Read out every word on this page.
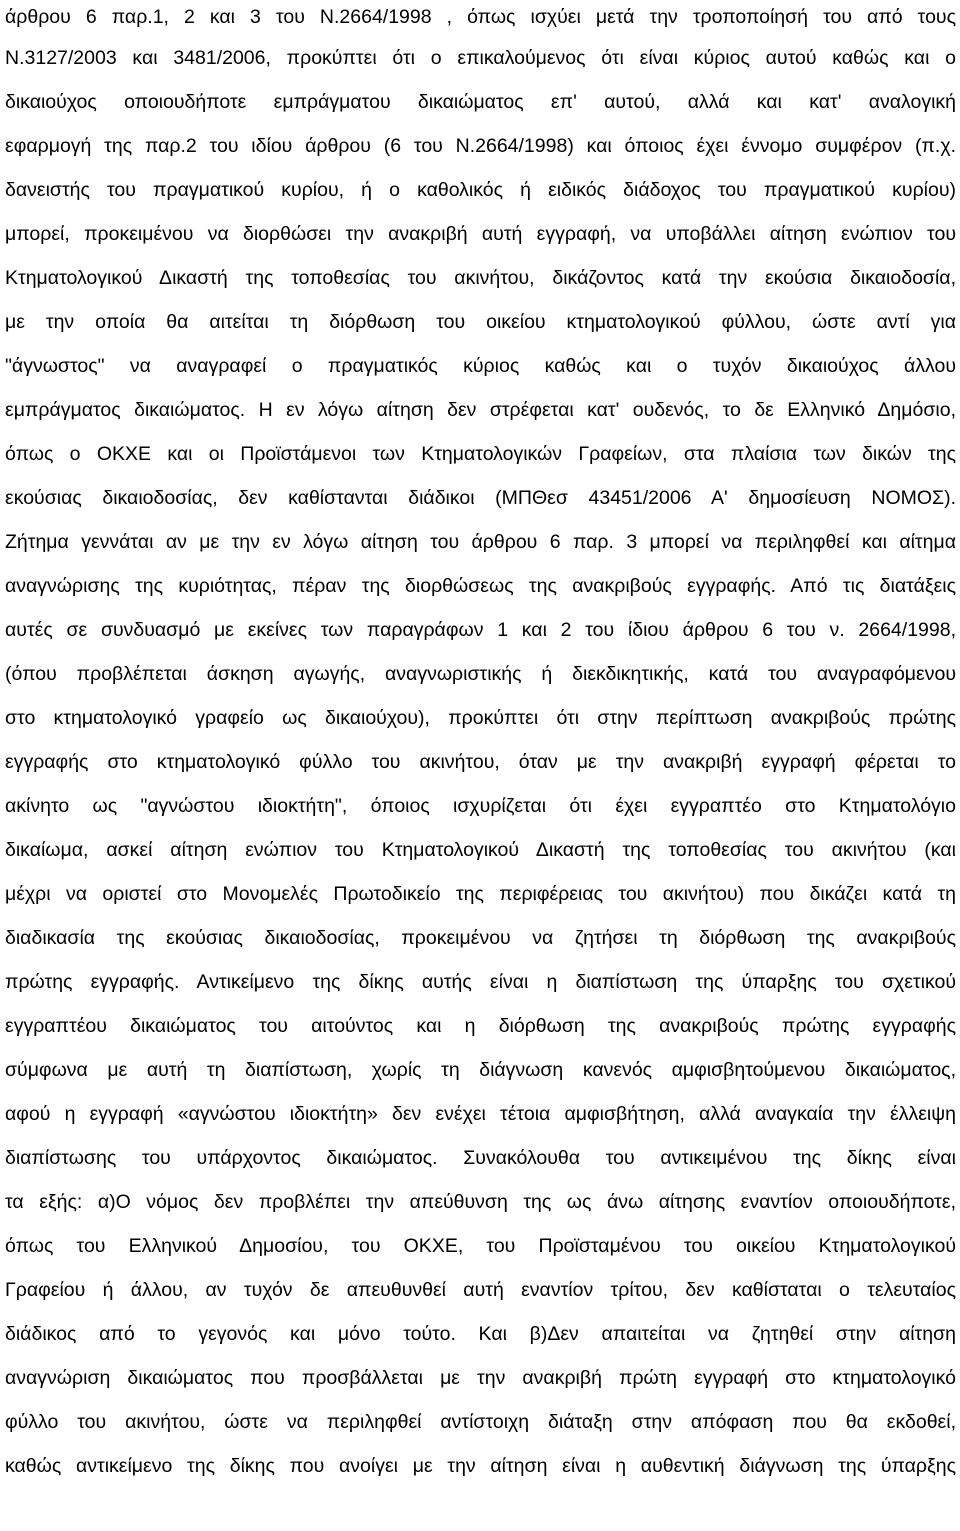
άρθρου 6 παρ.1, 2 και 3 του Ν.2664/1998 , όπως ισχύει μετά την τροποποίησή του από τους
Ν.3127/2003 και 3481/2006, προκύπτει ότι ο επικαλούμενος ότι είναι κύριος αυτού καθώς και ο
δικαιούχος οποιουδήποτε εμπράγματου δικαιώματος επ' αυτού, αλλά και κατ' αναλογική
εφαρμογή της παρ.2 του ιδίου άρθρου (6 του Ν.2664/1998) και όποιος έχει έννομο συμφέρον (π.χ.
δανειστής του πραγματικού κυρίου, ή ο καθολικός ή ειδικός διάδοχος του πραγματικού κυρίου)
μπορεί, προκειμένου να διορθώσει την ανακριβή αυτή εγγραφή, να υποβάλλει αίτηση ενώπιον του
Κτηματολογικού Δικαστή της τοποθεσίας του ακινήτου, δικάζοντος κατά την εκούσια δικαιοδοσία,
με την οποία θα αιτείται τη διόρθωση του οικείου κτηματολογικού φύλλου, ώστε αντί για
"άγνωστος" να αναγραφεί ο πραγματικός κύριος καθώς και ο τυχόν δικαιούχος άλλου
εμπράγματος δικαιώματος. Η εν λόγω αίτηση δεν στρέφεται κατ' ουδενός, το δε Ελληνικό Δημόσιο,
όπως ο ΟΚΧΕ και οι Προϊστάμενοι των Κτηματολογικών Γραφείων, στα πλαίσια των δικών της
εκούσιας δικαιοδοσίας, δεν καθίστανται διάδικοι (ΜΠΘεσ 43451/2006 Α' δημοσίευση ΝΟΜΟΣ).
Ζήτημα γεννάται αν με την εν λόγω αίτηση του άρθρου 6 παρ. 3 μπορεί να περιληφθεί και αίτημα
αναγνώρισης της κυριότητας, πέραν της διορθώσεως της ανακριβούς εγγραφής. Από τις διατάξεις
αυτές σε συνδυασμό με εκείνες των παραγράφων 1 και 2 του ίδιου άρθρου 6 του ν. 2664/1998,
(όπου προβλέπεται άσκηση αγωγής, αναγνωριστικής ή διεκδικητικής, κατά του αναγραφόμενου
στο κτηματολογικό γραφείο ως δικαιούχου), προκύπτει ότι στην περίπτωση ανακριβούς πρώτης
εγγραφής στο κτηματολογικό φύλλο του ακινήτου, όταν με την ανακριβή εγγραφή φέρεται το
ακίνητο ως "αγνώστου ιδιοκτήτη", όποιος ισχυρίζεται ότι έχει εγγραπτέο στο Κτηματολόγιο
δικαίωμα, ασκεί αίτηση ενώπιον του Κτηματολογικού Δικαστή της τοποθεσίας του ακινήτου (και
μέχρι να οριστεί στο Μονομελές Πρωτοδικείο της περιφέρειας του ακινήτου) που δικάζει κατά τη
διαδικασία της εκούσιας δικαιοδοσίας, προκειμένου να ζητήσει τη διόρθωση της ανακριβούς
πρώτης εγγραφής. Αντικείμενο της δίκης αυτής είναι η διαπίστωση της ύπαρξης του σχετικού
εγγραπτέου δικαιώματος του αιτούντος και η διόρθωση της ανακριβούς πρώτης εγγραφής
σύμφωνα με αυτή τη διαπίστωση, χωρίς τη διάγνωση κανενός αμφισβητούμενου δικαιώματος,
αφού η εγγραφή «αγνώστου ιδιοκτήτη» δεν ενέχει τέτοια αμφισβήτηση, αλλά αναγκαία την έλλειψη
διαπίστωσης του υπάρχοντος δικαιώματος. Συνακόλουθα του αντικειμένου της δίκης είναι
τα εξής: α)Ο νόμος δεν προβλέπει την απεύθυνση της ως άνω αίτησης εναντίον οποιουδήποτε,
όπως του Ελληνικού Δημοσίου, του ΟΚΧΕ, του Προϊσταμένου του οικείου Κτηματολογικού
Γραφείου ή άλλου, αν τυχόν δε απευθυνθεί αυτή εναντίον τρίτου, δεν καθίσταται ο τελευταίος
διάδικος από το γεγονός και μόνο τούτο. Και β)Δεν απαιτείται να ζητηθεί στην αίτηση
αναγνώριση δικαιώματος που προσβάλλεται με την ανακριβή πρώτη εγγραφή στο κτηματολογικό
φύλλο του ακινήτου, ώστε να περιληφθεί αντίστοιχη διάταξη στην απόφαση που θα εκδοθεί,
καθώς αντικείμενο της δίκης που ανοίγει με την αίτηση είναι η αυθεντική διάγνωση της ύπαρξης
